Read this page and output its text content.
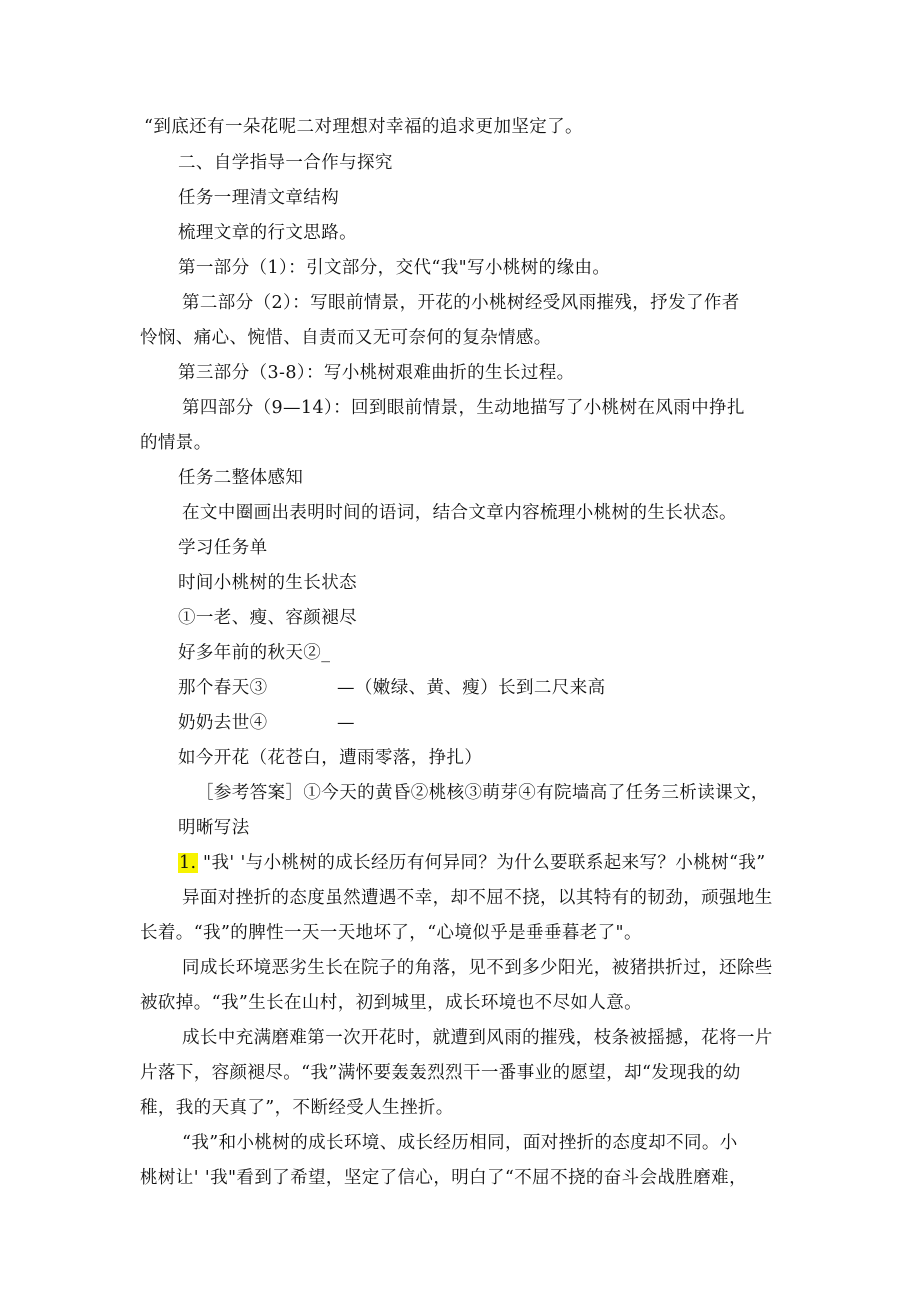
“到底还有一朵花呢二对理想对幸福的追求更加坚定了。
二、自学指导一合作与探究
任务一理清文章结构
梳理文章的行文思路。
第一部分（1）：引文部分，交代“我"写小桃树的缘由。
第二部分（2）：写眼前情景，开花的小桃树经受风雨摧残，抒发了作者
怜悯、痛心、惋惜、自责而又无可奈何的复杂情感。
第三部分（3-8）：写小桃树艰难曲折的生长过程。
第四部分（9—14）：回到眼前情景，生动地描写了小桃树在风雨中挣扎
的情景。
任务二整体感知
在文中圈画出表明时间的语词，结合文章内容梳理小桃树的生长状态。
学习任务单
时间小桃树的生长状态
①一老、瘦、容颜褪尽
好多年前的秋天②_
那个春天③	—（嫩绿、黄、瘦）长到二尺来高
奶奶去世④	—
如今开花（花苍白，遭雨零落，挣扎）
［参考答案］①今天的黄昏②桃核③萌芽④有院墙高了任务三析读课文，
明晰写法
1. "我' '与小桃树的成长经历有何异同？为什么要联系起来写？小桃树“我”
异面对挫折的态度虽然遭遇不幸，却不屈不挠，以其特有的韧劲，顽强地生
长着。“我”的脾性一天一天地坏了，“心境似乎是垂垂暮老了"。
同成长环境恶劣生长在院子的角落，见不到多少阳光，被猪拱折过，还除些
被砍掉。“我”生长在山村，初到城里，成长环境也不尽如人意。
成长中充满磨难第一次开花时，就遭到风雨的摧残，枝条被摇撼，花将一片
片落下，容颜褪尽。“我”满怀要轰轰烈烈干一番事业的愿望，却“发现我的幼
稚，我的天真了”，不断经受人生挫折。
“我”和小桃树的成长环境、成长经历相同，面对挫折的态度却不同。小
桃树让' '我"看到了希望，坚定了信心，明白了“不屈不挠的奋斗会战胜磨难，
